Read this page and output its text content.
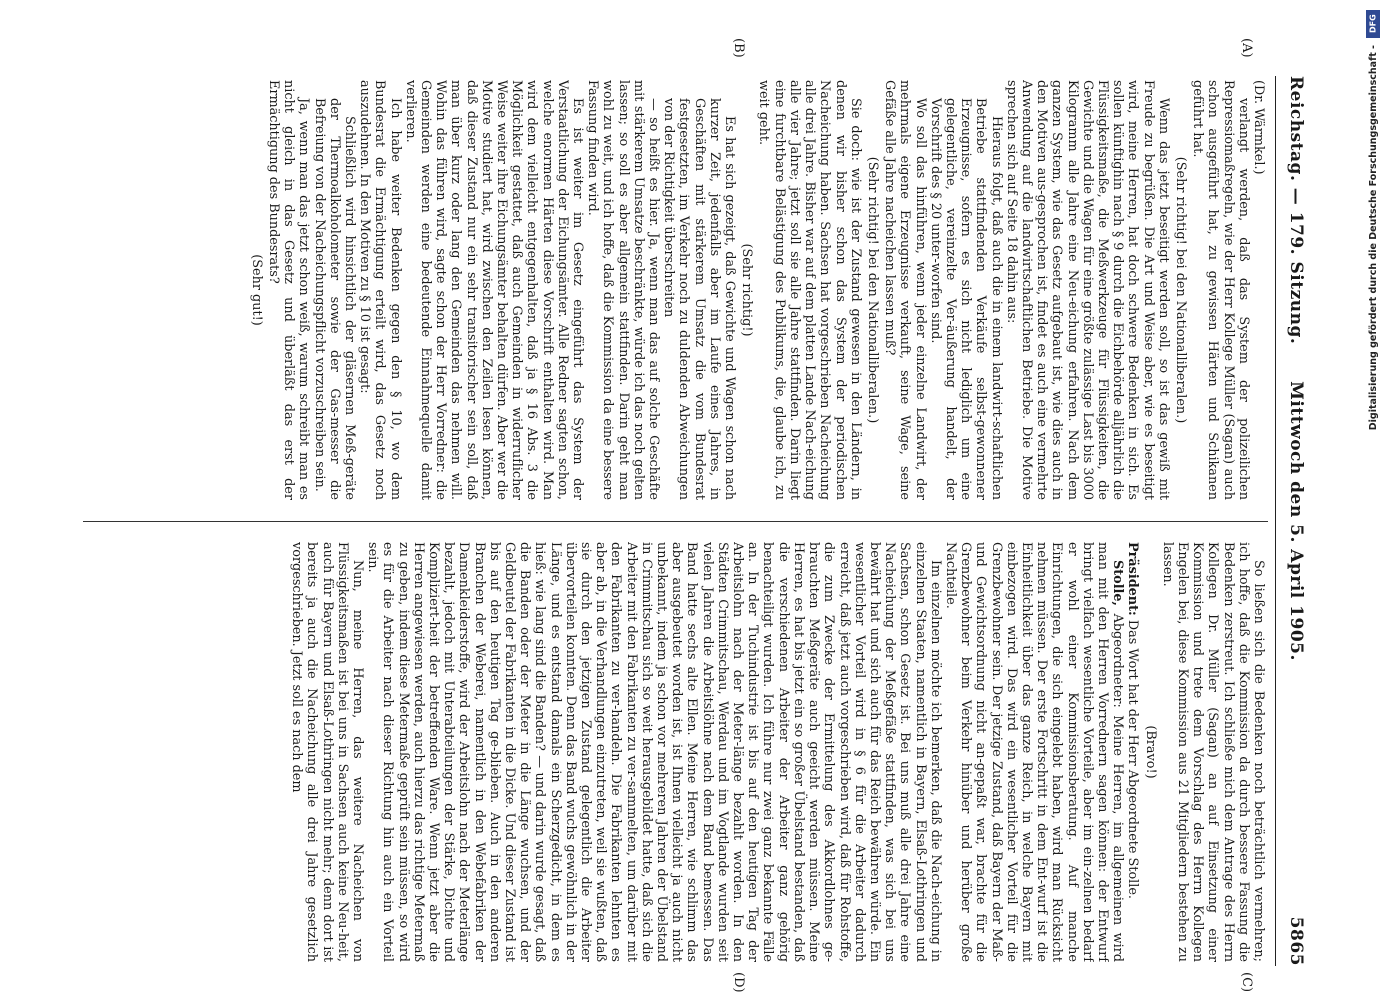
Reichstag. — 179. Sitzung.
Mittwoch den 5. April 1905.
5865
(A)
(B)
(C)
(D)

(Dr. Wärmkel.)

verlangt werden, daß das System der polizeilichen Repressiomaßregeln, wie der Herr Kollege Müller (Sagan) auch schon ausgeführt hat, zu gewissen Härten und Schikanen geführt hat.

(Sehr richtig! bei den Nationalliberalen.)

Wenn das jetzt beseitigt werden soll, so ist das gewiß mit Freude zu begrüßen. Die Art und Weise aber, wie es beseitigt wird, meine Herren, hat doch schwere Bedenken in sich. Es sollen künftighin nach § 9 durch die Eichbehörde alljährlich die Flüssigkeitsmaße, die Meßwerkzeuge für Flüssigkeiten, die Gewichte und die Wagen für eine größte zulässige Last bis 3000 Kilogramm alle Jahre eine Neu-eichung erfahren. Nach dem ganzen System, wie das Gesetz aufgebaut ist, wie dies auch in den Motiven aus-gesprochen ist, findet es auch eine vermehrte Anwendung auf die landwirtschaftlichen Betriebe. Die Motive sprechen sich auf Seite 18 dahin aus:

Hieraus folgt, daß auch die in einem landwirt-schaftlichen Betriebe stattfindenden Verkäufe selbst-gewonnener Erzeugnisse, sofern es sich nicht lediglich um eine gelegentliche, vereinzelte Ver-äußerung handelt, der Vorschrift des § 20 unter-worfen sind.

Wo soll das hinführen, wenn jeder einzelne Landwirt, der mehrmals eigene Erzeugnisse verkauft, seine Wage, seine Gefäße alle Jahre nacheichen lassen muß?

(Sehr richtig! bei den Nationalliberalen.)

Sie doch: wie ist der Zustand gewesen in den Ländern, in denen wir bisher schon das System der periodischen Nacheichung haben. Sachsen hat vorgeschrieben Nacheichung alle drei Jahre. Bisher war auf dem platten Lande Nach-eichung alle vier Jahre; jetzt soll sie alle Jahre stattfinden. Darin liegt eine furchtbare Belästigung des Publikums, die, glaube ich, zu weit geht.

(Sehr richtig!)

Es hat sich gezeigt, daß Gewichte und Wagen schon nach kurzer Zeit, jedenfalls aber im Laufe eines Jahres, in Geschäften mit stärkerem Umsatz die vom Bundesrat festgesetzten, im Verkehr noch zu duldenden Abweichungen von der Richtigkeit überschreiten

— so heißt es hier. Ja, wenn man das auf solche Geschäfte mit stärkerem Umsatze beschränkte, würde ich das noch gelten lassen; so soll es aber allgemein stattfinden. Darin geht man wohl zu weit, und ich hoffe, daß die Kommission da eine bessere Fassung finden wird.

Es ist weiter im Gesetz eingeführt das System der Verstaatlichung der Eichungsämter. Alle Redner sagten schon, welche enormen Härten diese Vorschrift enthalten wird. Man wird dem vielleicht entgegenhalten, daß ja § 16 Abs. 3 die Möglichkeit gestattet, daß auch Gemeinden in widerruflicher Weise weiter ihre Eichungsämter behalten dürfen. Aber wer die Motive studiert hat, wird zwischen den Zeilen lesen können, daß dieser Zustand nur ein sehr transitorischer sein soll, daß man über kurz oder lang den Gemeinden das nehmen will. Wohin das führen wird, sagte schon der Herr Vorredner: die Gemeinden werden eine bedeutende Einnahmequelle damit verlieren.

Ich habe weiter Bedenken gegen den § 10, wo dem Bundesrat die Ermächtigung erteilt wird, das Gesetz noch auszudehnen. In den Motiven zu § 10 ist gesagt:

Schließlich wird hinsichtlich der gläsernen Meß-geräte der Thermoalkoholometer sowie der Gas-messer die Befreiung von der Nacheichungspflicht vorzuschreiben sein.

Ja, wenn man das jetzt schon weiß, warum schreibt man es nicht gleich in das Gesetz und überläßt das erst der Ermächtigung des Bundesrats?

(Sehr gut!)

So ließen sich die Bedenken noch beträchtlich vermehren; ich hoffe, daß die Kommission da durch bessere Fassung die Bedenken zerstreut. Ich schließe mich dem Antrage des Herrn Kollegen Dr. Müller (Sagan) an auf Einsetzung einer Kommission und trete dem Vorschlag des Herrn Kollegen Engelen bei, diese Kommission aus 21 Mitgliedern bestehen zu lassen.

(Bravo!)

Präsident: Das Wort hat der Herr Abgeordnete Stolle.

Stolle, Abgeordneter: Meine Herren, im allgemeinen wird man mit den Herren Vorrednern sagen können: der Entwurf bringt vielfach wesentliche Vorteile, aber im ein-zelnen bedarf er wohl einer Kommissionsberatung. Auf manche Einrichtungen, die sich eingelebt haben, wird man Rücksicht nehmen müssen. Der erste Fortschritt in dem Ent-wurf ist die Einheitlichkeit über das ganze Reich, in welche Bayern mit einbezogen wird. Das wird ein wesentlicher Vorteil für die Grenzbewohner sein. Der jetzige Zustand, daß Bayern der Maß- und Gewichtsordnung nicht an-gepaßt war, brachte für die Grenzbewohner beim Verkehr hinüber und herüber große Nachteile.

Im einzelnen möchte ich bemerken, daß die Nach-eichung in einzelnen Staaten, namentlich in Bayern, Elsaß-Lothringen und Sachsen, schon Gesetz ist. Bei uns muß alle drei Jahre eine Nacheichung der Meßgefäße stattfinden, was sich bei uns bewährt hat und sich auch für das Reich bewähren würde. Ein wesentlicher Vorteil wird in § 6 für die Arbeiter dadurch erreicht, daß jetzt auch vorgeschrieben wird, daß für Rohstoffe, die zum Zwecke der Ermittelung des Akkordlohnes ge-brauchten Meßgeräte auch geeicht werden müssen. Meine Herren, es hat bis jetzt ein so großer Übelstand bestanden, daß die verschiedenen Arbeiter der Arbeiter ganz gehörig benachteiligt wurden. Ich führe nur zwei ganz bekannte Fälle an. In der Tuchindustrie ist bis auf den heutigen Tag der Arbeitslohn nach der Meter-länge bezahlt worden. In den Städten Crimmitschau, Werdau und im Vogtlande wurden seit vielen Jahren die Arbeitslöhne nach dem Band bemessen. Das Band hatte sechs alte Ellen. Meine Herren, wie schlimm das aber ausgebeutet worden ist, ist Ihnen vielleicht ja auch nicht unbekannt, indem ja schon vor mehreren Jahren der Übelstand in Crimmitschau sich so weit herausgebildet hatte, daß sich die Arbeiter mit den Fabrikanten zu ver-sammelten, um darüber mit den Fabrikanten zu ver-handeln. Die Fabrikanten lehnten es aber ab, in die Verhandlungen einzutreten, weil sie wußten, daß sie durch den jetzigen Zustand gelegentlich die Arbeiter übervorteilen konnten. Denn das Band wuchs gewöhnlich in der Länge, und es entstand damals ein Scherzgedicht, in dem es hieß: wie lang sind die Banden? — und darin wurde gesagt, daß die Banden oder der Meter in die Länge wuchsen, und der Geldbeutel der Fabrikanten in die Dicke. Und dieser Zustand ist bis auf den heutigen Tag ge-blieben. Auch in den anderen Branchen der Weberei, namentlich in den Webefabriken der Damenkleiderstoffe, wird der Arbeitslohn nach der Meterlänge bezahlt, jedoch mit Unterabteilungen der Stärke, Dichte und Kompliziert-heit der betreffenden Ware. Wenn jetzt aber die Herren angewiesen werden, auch hierzu das richtige Metermaß zu geben, indem diese Metermaße geprüft sein müssen, so wird es für die Arbeiter nach dieser Richtung hin auch ein Vorteil sein.

Nun, meine Herren, das weitere Nacheichen von Flüssigkeitsmaßen ist bei uns in Sachsen auch keine Neu-heit, auch für Bayern und Elsaß-Lothringen nicht mehr; denn dort ist bereits ja auch die Nacheichung alle drei Jahre gesetzlich vorgeschrieben. Jetzt soll es nach dem

DFG
Digitalisierung gefördert durch die Deutsche Forschungsgemeinschaft -
